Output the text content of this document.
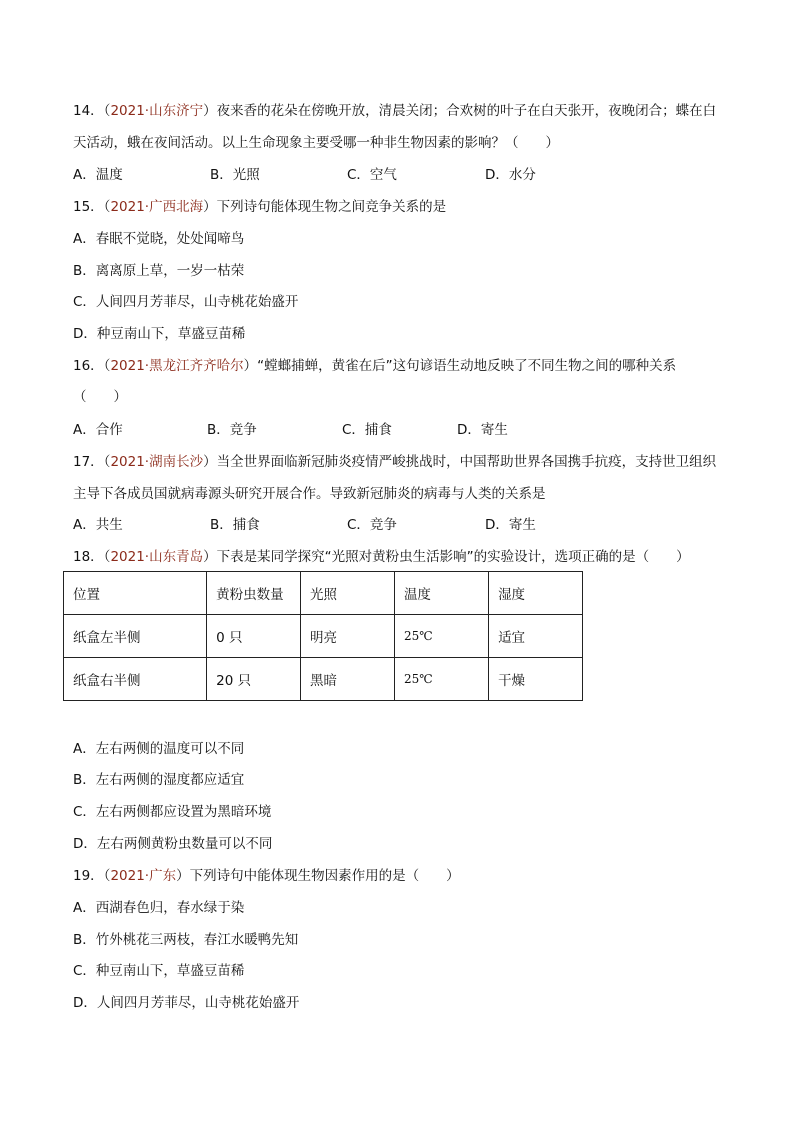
14．（2021·山东济宁）夜来香的花朵在傍晚开放，清晨关闭；合欢树的叶子在白天张开，夜晚闭合；蝶在白
天活动，蛾在夜间活动。以上生命现象主要受哪一种非生物因素的影响？（　　）
A．温度	B．光照	C．空气	D．水分
15．（2021·广西北海）下列诗句能体现生物之间竞争关系的是
A．春眠不觉晓，处处闻啼鸟
B．离离原上草，一岁一枯荣
C．人间四月芳菲尽，山寺桃花始盛开
D．种豆南山下，草盛豆苗稀
16．（2021·黑龙江齐齐哈尔）“螳螂捕蝉，黄雀在后”这句谚语生动地反映了不同生物之间的哪种关系
（　　）
A．合作	B．竞争	C．捕食	D．寄生
17．（2021·湖南长沙）当全世界面临新冠肺炎疫情严峻挑战时，中国帮助世界各国携手抗疫，支持世卫组织
主导下各成员国就病毒源头研究开展合作。导致新冠肺炎的病毒与人类的关系是
A．共生	B．捕食	C．竞争	D．寄生
18．（2021·山东青岛）下表是某同学探究“光照对黄粉虫生活影响”的实验设计，选项正确的是（　　）
位置	黄粉虫数量	光照	温度	湿度
纸盒左半侧	0 只	明亮	25℃	适宜
纸盒右半侧	20 只	黑暗	25℃	干燥
A．左右两侧的温度可以不同
B．左右两侧的湿度都应适宜
C．左右两侧都应设置为黑暗环境
D．左右两侧黄粉虫数量可以不同
19．（2021·广东）下列诗句中能体现生物因素作用的是（　　）
A．西湖春色归，春水绿于染
B．竹外桃花三两枝，春江水暖鸭先知
C．种豆南山下，草盛豆苗稀
D．人间四月芳菲尽，山寺桃花始盛开
